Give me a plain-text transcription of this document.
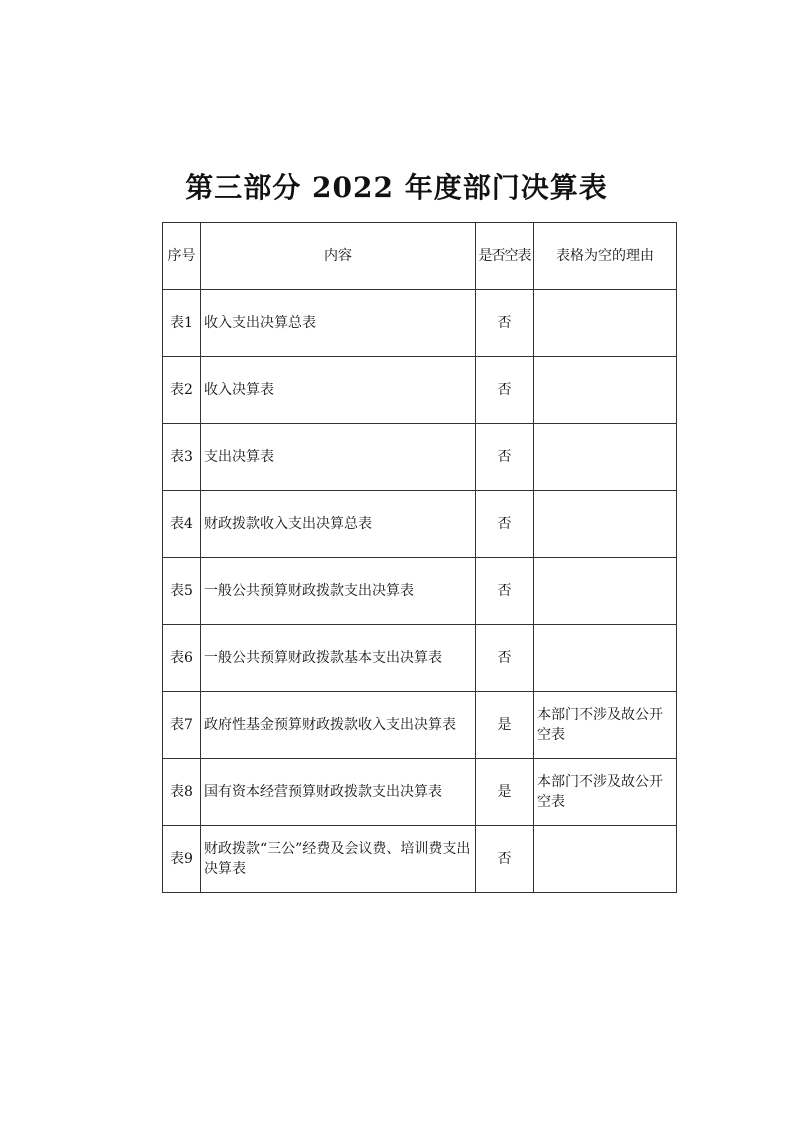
第三部分 2022 年度部门决算表
序号	内容	是否空表	表格为空的理由
表1	收入支出决算总表	否	
表2	收入决算表	否	
表3	支出决算表	否	
表4	财政拨款收入支出决算总表	否	
表5	一般公共预算财政拨款支出决算表	否	
表6	一般公共预算财政拨款基本支出决算表	否	
表7	政府性基金预算财政拨款收入支出决算表	是	本部门不涉及故公开空表
表8	国有资本经营预算财政拨款支出决算表	是	本部门不涉及故公开空表
表9	财政拨款“三公”经费及会议费、培训费支出决算表	否	
